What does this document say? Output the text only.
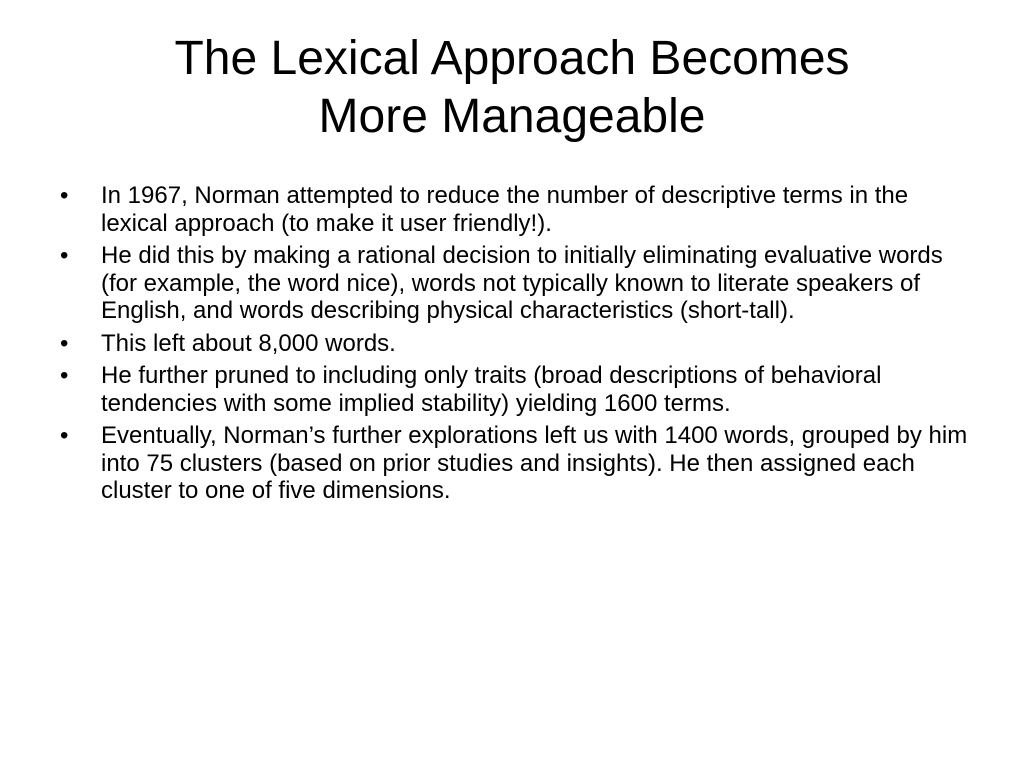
The Lexical Approach Becomes
More Manageable
•	In 1967, Norman attempted to reduce the number of descriptive terms in the lexical approach (to make it user friendly!).
•	He did this by making a rational decision to initially eliminating evaluative words (for example, the word nice), words not typically known to literate speakers of English, and words describing physical characteristics (short-tall).
•	This left about 8,000 words.
•	He further pruned to including only traits (broad descriptions of behavioral tendencies with some implied stability) yielding 1600 terms.
•	Eventually, Norman’s further explorations left us with 1400 words, grouped by him into 75 clusters (based on prior studies and insights). He then assigned each cluster to one of five dimensions.
